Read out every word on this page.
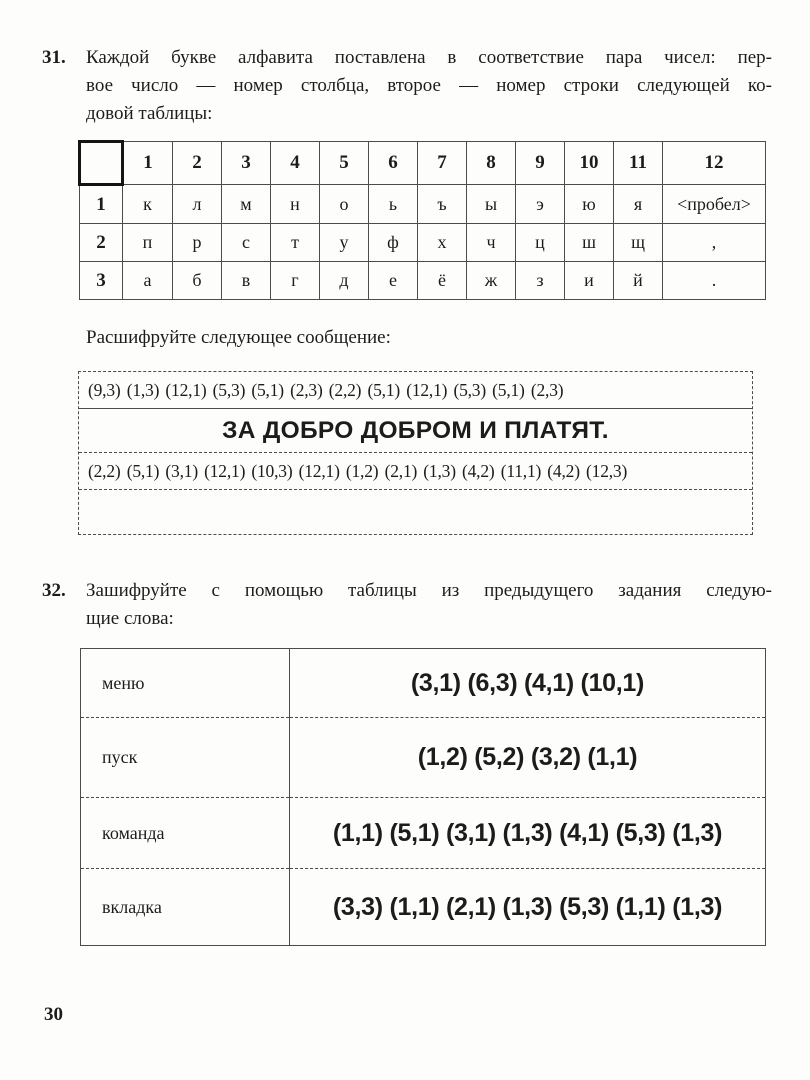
31. Каждой букве алфавита поставлена в соответствие пара чисел: пер-
вое число — номер столбца, второе — номер строки следующей ко-
довой таблицы:
	1	2	3	4	5	6	7	8	9	10	11	12
1	к	л	м	н	о	ь	ъ	ы	э	ю	я	<пробел>
2	п	р	с	т	у	ф	х	ч	ц	ш	щ	,
3	а	б	в	г	д	е	ё	ж	з	и	й	.
Расшифруйте следующее сообщение:
(9,3) (1,3) (12,1) (5,3) (5,1) (2,3) (2,2) (5,1) (12,1) (5,3) (5,1) (2,3)
ЗА ДОБРО ДОБРОМ И ПЛАТЯТ.
(2,2) (5,1) (3,1) (12,1) (10,3) (12,1) (1,2) (2,1) (1,3) (4,2) (11,1) (4,2) (12,3)
32. Зашифруйте с помощью таблицы из предыдущего задания следую-
щие слова:
меню	(3,1) (6,3) (4,1) (10,1)
пуск	(1,2) (5,2) (3,2) (1,1)
команда	(1,1) (5,1) (3,1) (1,3) (4,1) (5,3) (1,3)
вкладка	(3,3) (1,1) (2,1) (1,3) (5,3) (1,1) (1,3)
30
